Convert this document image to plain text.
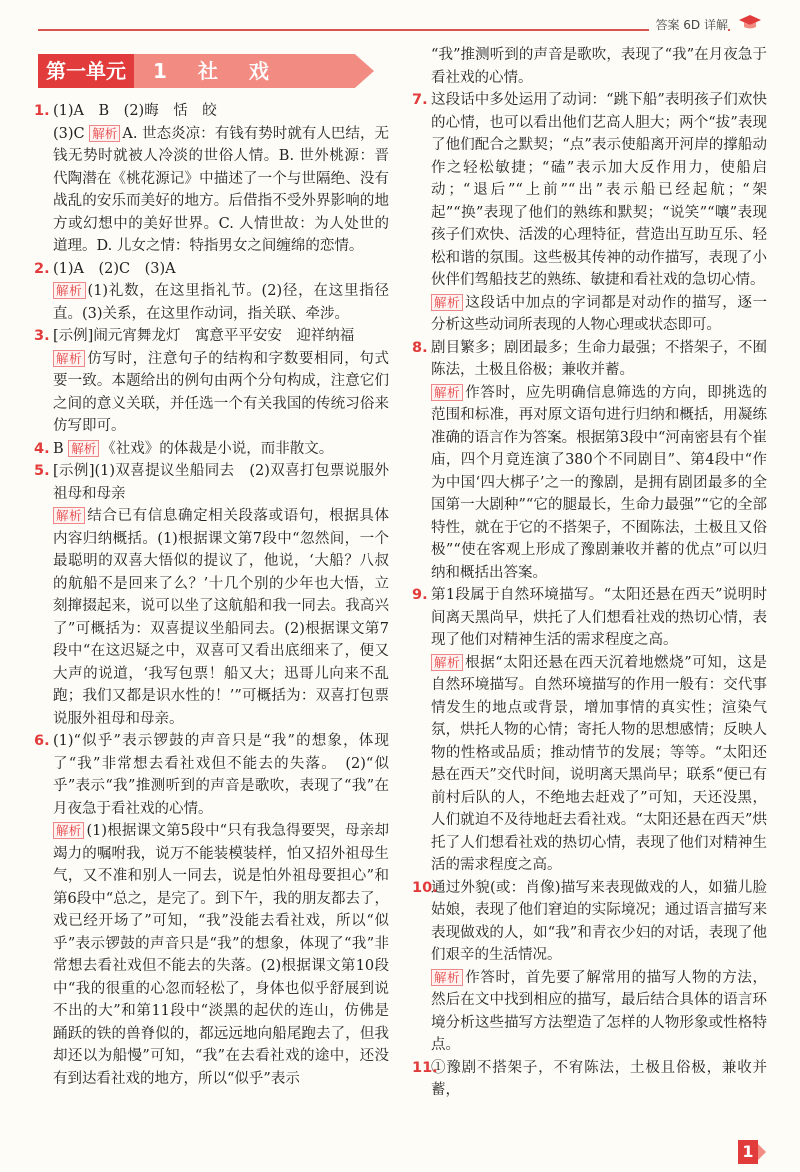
答案 6D 详解
第一单元	1 社 戏

1. (1)A　B　(2)晦　恬　皎

(3)C 解析 A. 世态炎凉：有钱有势时就有人巴结，无钱无势时就被人冷淡的世俗人情。B. 世外桃源：晋代陶潜在《桃花源记》中描述了一个与世隔绝、没有战乱的安乐而美好的地方。后借指不受外界影响的地方或幻想中的美好世界。C. 人情世故：为人处世的道理。D. 儿女之情：特指男女之间缠绵的恋情。

2. (1)A　(2)C　(3)A

解析 (1)礼数，在这里指礼节。(2)径，在这里指径直。(3)关系，在这里作动词，指关联、牵涉。

3. [示例]闹元宵舞龙灯　寓意平平安安　迎祥纳福

解析 仿写时，注意句子的结构和字数要相同，句式要一致。本题给出的例句由两个分句构成，注意它们之间的意义关联，并任选一个有关我国的传统习俗来仿写即可。

4. B 解析 《社戏》的体裁是小说，而非散文。

5. [示例](1)双喜提议坐船同去　(2)双喜打包票说服外祖母和母亲

解析 结合已有信息确定相关段落或语句，根据具体内容归纳概括。(1)根据课文第7段中“忽然间，一个最聪明的双喜大悟似的提议了，他说，‘大船？八叔的航船不是回来了么？’十几个别的少年也大悟，立刻撺掇起来，说可以坐了这航船和我一同去。我高兴了”可概括为：双喜提议坐船同去。(2)根据课文第7段中“在这迟疑之中，双喜可又看出底细来了，便又大声的说道，‘我写包票！船又大；迅哥儿向来不乱跑；我们又都是识水性的！’”可概括为：双喜打包票说服外祖母和母亲。

6. (1)“似乎”表示锣鼓的声音只是“我”的想象，体现了“我”非常想去看社戏但不能去的失落。　(2)“似乎”表示“我”推测听到的声音是歌吹，表现了“我”在月夜急于看社戏的心情。

解析 (1)根据课文第5段中“只有我急得要哭，母亲却竭力的嘱咐我，说万不能装模装样，怕又招外祖母生气，又不准和别人一同去，说是怕外祖母要担心”和第6段中“总之，是完了。到下午，我的朋友都去了，戏已经开场了”可知，“我”没能去看社戏，所以“似乎”表示锣鼓的声音只是“我”的想象，体现了“我”非常想去看社戏但不能去的失落。(2)根据课文第10段中“我的很重的心忽而轻松了，身体也似乎舒展到说不出的大”和第11段中“淡黑的起伏的连山，仿佛是踊跃的铁的兽脊似的，都远远地向船尾跑去了，但我却还以为船慢”可知，“我”在去看社戏的途中，还没有到达看社戏的地方，所以“似乎”表示

“我”推测听到的声音是歌吹，表现了“我”在月夜急于看社戏的心情。

7. 这段话中多处运用了动词：“跳下船”表明孩子们欢快的心情，也可以看出他们艺高人胆大；两个“拔”表现了他们配合之默契；“点”表示使船离开河岸的撑船动作之轻松敏捷；“磕”表示加大反作用力，使船启动；“退后”“上前”“出”表示船已经起航；“架起”“换”表现了他们的熟练和默契；“说笑”“嚷”表现孩子们欢快、活泼的心理特征，营造出互助互乐、轻松和谐的氛围。这些极其传神的动作描写，表现了小伙伴们驾船技艺的熟练、敏捷和看社戏的急切心情。

解析 这段话中加点的字词都是对动作的描写，逐一分析这些动词所表现的人物心理或状态即可。

8. 剧目繁多；剧团最多；生命力最强；不搭架子，不囿陈法，土极且俗极；兼收并蓄。

解析 作答时，应先明确信息筛选的方向，即挑选的范围和标准，再对原文语句进行归纳和概括，用凝练准确的语言作为答案。根据第3段中“河南密县有个崔庙，四个月竟连演了380个不同剧目”、第4段中“作为中国‘四大梆子’之一的豫剧，是拥有剧团最多的全国第一大剧种”“它的腿最长，生命力最强”“它的全部特性，就在于它的不搭架子，不囿陈法，土极且又俗极”“使在客观上形成了豫剧兼收并蓄的优点”可以归纳和概括出答案。

9. 第1段属于自然环境描写。“太阳还悬在西天”说明时间离天黑尚早，烘托了人们想看社戏的热切心情，表现了他们对精神生活的需求程度之高。

解析 根据“太阳还悬在西天沉着地燃烧”可知，这是自然环境描写。自然环境描写的作用一般有：交代事情发生的地点或背景，增加事情的真实性；渲染气氛，烘托人物的心情；寄托人物的思想感情；反映人物的性格或品质；推动情节的发展；等等。“太阳还悬在西天”交代时间，说明离天黑尚早；联系“便已有前村后队的人，不绝地去赶戏了”可知，天还没黑，人们就迫不及待地赶去看社戏。“太阳还悬在西天”烘托了人们想看社戏的热切心情，表现了他们对精神生活的需求程度之高。

10.
通过外貌(或：肖像)描写来表现做戏的人，如猫儿脸姑娘，表现了他们窘迫的实际境况；通过语言描写来表现做戏的人，如“我”和青衣少妇的对话，表现了他们艰辛的生活情况。

解析 作答时，首先要了解常用的描写人物的方法，然后在文中找到相应的描写，最后结合具体的语言环境分析这些描写方法塑造了怎样的人物形象或性格特点。

11.
①豫剧不搭架子，不宥陈法，土极且俗极，兼收并蓄，

1
